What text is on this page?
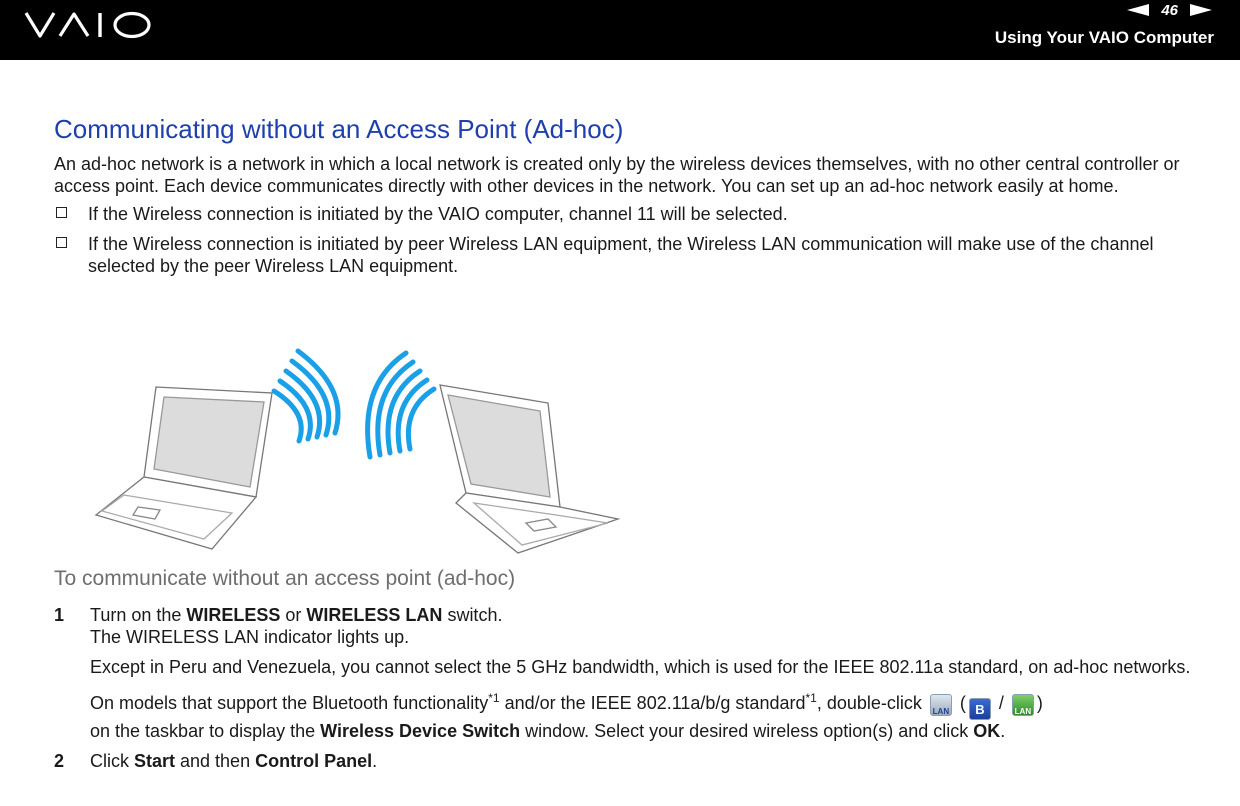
46
Using Your VAIO Computer
Communicating without an Access Point (Ad-hoc)

An ad-hoc network is a network in which a local network is created only by the wireless devices themselves, with no other central controller or access point. Each device communicates directly with other devices in the network. You can set up an ad-hoc network easily at home.

If the Wireless connection is initiated by the VAIO computer, channel 11 will be selected.
If the Wireless connection is initiated by peer Wireless LAN equipment, the Wireless LAN communication will make use of the channel selected by the peer Wireless LAN equipment.
To communicate without an access point (ad-hoc)
1 Turn on the WIRELESS or WIRELESS LAN switch.

The WIRELESS LAN indicator lights up.

Except in Peru and Venezuela, you cannot select the 5 GHz bandwidth, which is used for the IEEE 802.11a standard, on ad-hoc networks.

On models that support the Bluetooth functionality$^{*1}$ and/or the IEEE 802.11a/b/g standard$^{*1}$, double-click LAN ( B / LAN )
on the taskbar to display the Wireless Device Switch window. Select your desired wireless option(s) and click OK.

2 Click Start and then Control Panel.
